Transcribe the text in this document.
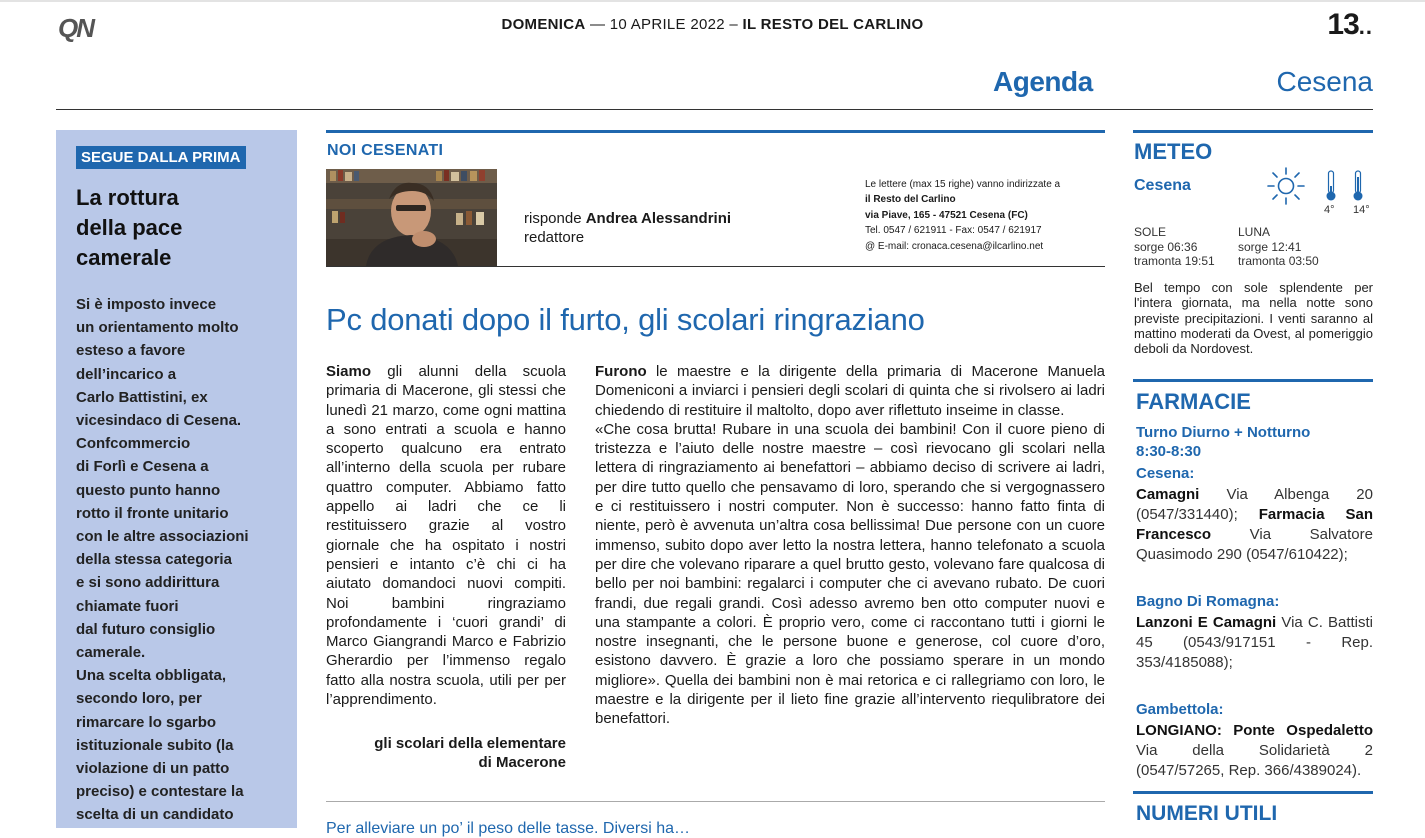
QN	DOMENICA — 10 APRILE 2022 – IL RESTO DEL CARLINO	13..
Agenda	Cesena
SEGUE DALLA PRIMA
La rottura
della pace
camerale
Si è imposto invece
un orientamento molto
esteso a favore
dell’incarico a
Carlo Battistini, ex
vicesindaco di Cesena.
Confcommercio
di Forlì e Cesena a
questo punto hanno
rotto il fronte unitario
con le altre associazioni
della stessa categoria
e si sono addirittura
chiamate fuori
dal futuro consiglio
camerale.
Una scelta obbligata,
secondo loro, per
rimarcare lo sgarbo
istituzionale subito (la
violazione di un patto
preciso) e contestare la
scelta di un candidato
NOI CESENATI
risponde Andrea Alessandrini
redattore
Le lettere (max 15 righe) vanno indirizzate a
il Resto del Carlino
via Piave, 165 - 47521 Cesena (FC)
Tel. 0547 / 621911 - Fax: 0547 / 621917
@ E-mail: cronaca.cesena@ilcarlino.net
Pc donati dopo il furto, gli scolari ringraziano
Siamo gli alunni della scuola primaria di Macerone, gli stessi che lunedì 21 marzo, come ogni mattina a sono entrati a scuola e hanno scoperto qualcuno era entrato all’interno della scuola per rubare quattro computer. Abbiamo fatto appello ai ladri che ce li restituissero grazie al vostro giornale che ha ospitato i nostri pensieri e intanto c’è chi ci ha aiutato domandoci nuovi compiti. Noi bambini ringraziamo profondamente i ‘cuori grandi’ di Marco Giangrandi Marco e Fabrizio Gherardio per l’immenso regalo fatto alla nostra scuola, utili per per l’apprendimento.
gli scolari della elementare
di Macerone

Furono le maestre e la dirigente della primaria di Macerone Manuela Domeniconi a inviarci i pensieri degli scolari di quinta che si rivolsero ai ladri chiedendo di restituire il maltolto, dopo aver riflettuto inseime in classe.

«Che cosa brutta! Rubare in una scuola dei bambini! Con il cuore pieno di tristezza e l’aiuto delle nostre maestre – così rievocano gli scolari nella lettera di ringraziamento ai benefattori – abbiamo deciso di scrivere ai ladri, per dire tutto quello che pensavamo di loro, sperando che si vergognassero e ci restituissero i nostri computer. Non è successo: hanno fatto finta di niente, però è avvenuta un’altra cosa bellissima! Due persone con un cuore immenso, subito dopo aver letto la nostra lettera, hanno telefonato a scuola per dire che volevano riparare a quel brutto gesto, volevano fare qualcosa di bello per noi bambini: regalarci i computer che ci avevano rubato. De cuori frandi, due regali grandi. Così adesso avremo ben otto computer nuovi e una stampante a colori. È proprio vero, come ci raccontano tutti i giorni le nostre insegnanti, che le persone buone e generose, col cuore d’oro, esistono davvero. È grazie a loro che possiamo sperare in un mondo migliore». Quella dei bambini non è mai retorica e ci rallegriamo con loro, le maestre e la dirigente per il lieto fine grazie all’intervento riequlibratore dei benefattori.

Per alleviare un po’ il peso delle tasse. Diversi ha…
METEO
Cesena
4° 14°
SOLE
sorge 06:36
tramonta 19:51
LUNA
sorge 12:41
tramonta 03:50
Bel tempo con sole splendente per l'intera giornata, ma nella notte sono previste precipitazioni. I venti saranno al mattino moderati da Ovest, al pomeriggio deboli da Nordovest.
FARMACIE
Turno Diurno + Notturno
8:30-8:30
Cesena:
Camagni Via Albenga 20 (0547/331440); Farmacia San Francesco Via Salvatore Quasimodo 290 (0547/610422);
Bagno Di Romagna:
Lanzoni E Camagni Via C. Battisti 45 (0543/917151 - Rep. 353/4185088);
Gambettola:
LONGIANO: Ponte Ospedaletto Via della Solidarietà 2 (0547/57265, Rep. 366/4389024).
NUMERI UTILI
